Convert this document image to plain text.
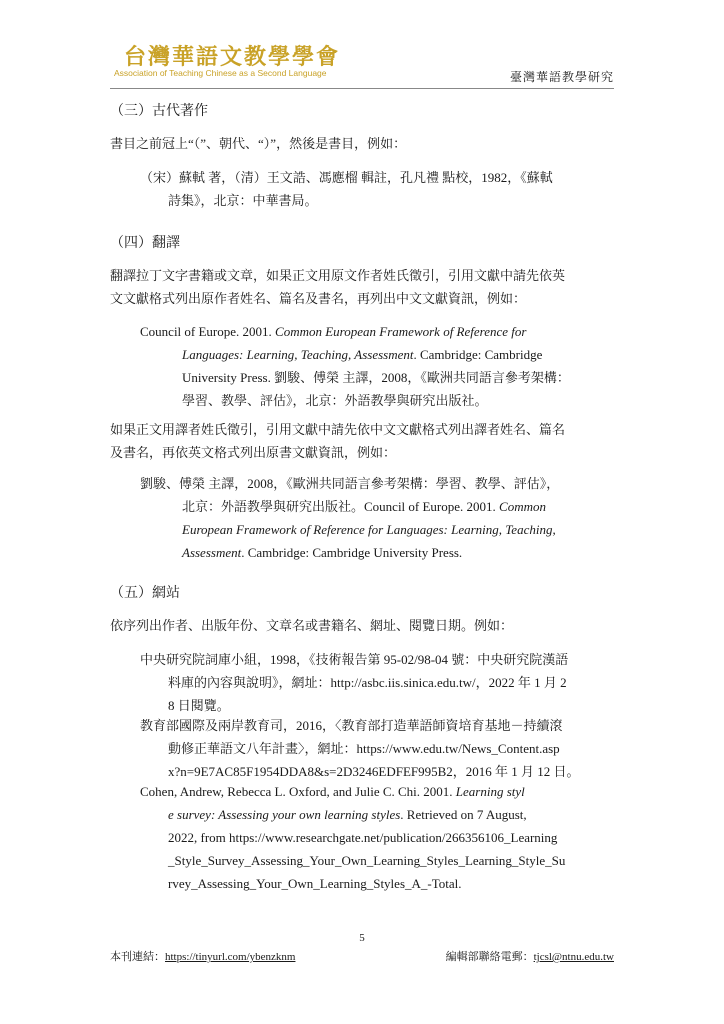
台灣華語文教學學會
Association of Teaching Chinese as a Second Language	臺灣華語教學研究
（三）古代著作
書目之前冠上“（”、朝代、“）”，然後是書目，例如：
（宋）蘇軾 著，（清）王文誥、馮應榴 輯註，孔凡禮 點校，1982，《蘇軾
詩集》，北京：中華書局。
（四）翻譯
翻譯拉丁文字書籍或文章，如果正文用原文作者姓氏徵引，引用文獻中請先依英
文文獻格式列出原作者姓名、篇名及書名，再列出中文文獻資訊，例如：
Council of Europe. 2001. Common European Framework of Reference for
Languages: Learning, Teaching, Assessment. Cambridge: Cambridge
University Press. 劉駿、傅榮 主譯，2008，《歐洲共同語言參考架構：
學習、教學、評估》，北京：外語教學與研究出版社。
如果正文用譯者姓氏徵引，引用文獻中請先依中文文獻格式列出譯者姓名、篇名
及書名，再依英文格式列出原書文獻資訊，例如：
劉駿、傅榮 主譯，2008，《歐洲共同語言參考架構：學習、教學、評估》，
北京：外語教學與研究出版社。Council of Europe. 2001. Common
European Framework of Reference for Languages: Learning, Teaching,
Assessment. Cambridge: Cambridge University Press.
（五）網站
依序列出作者、出版年份、文章名或書籍名、網址、閱覽日期。例如：
中央研究院詞庫小組，1998，《技術報告第 95-02/98-04 號：中央研究院漢語
料庫的內容與說明》，網址：http://asbc.iis.sinica.edu.tw/，2022 年 1 月 2
8 日閱覽。
教育部國際及兩岸教育司，2016，〈教育部打造華語師資培育基地－持續滾
動修正華語文八年計畫〉，網址：https://www.edu.tw/News_Content.asp
x?n=9E7AC85F1954DDA8&s=2D3246EDFEF995B2，2016 年 1 月 12 日。
Cohen, Andrew, Rebecca L. Oxford, and Julie C. Chi. 2001. Learning styl
e survey: Assessing your own learning styles. Retrieved on 7 August,
2022, from https://www.researchgate.net/publication/266356106_Learning
_Style_Survey_Assessing_Your_Own_Learning_Styles_Learning_Style_Su
rvey_Assessing_Your_Own_Learning_Styles_A_-Total.
5
本刊連結：https://tinyurl.com/ybenzknm	編輯部聯絡電郵：tjcsl@ntnu.edu.tw
